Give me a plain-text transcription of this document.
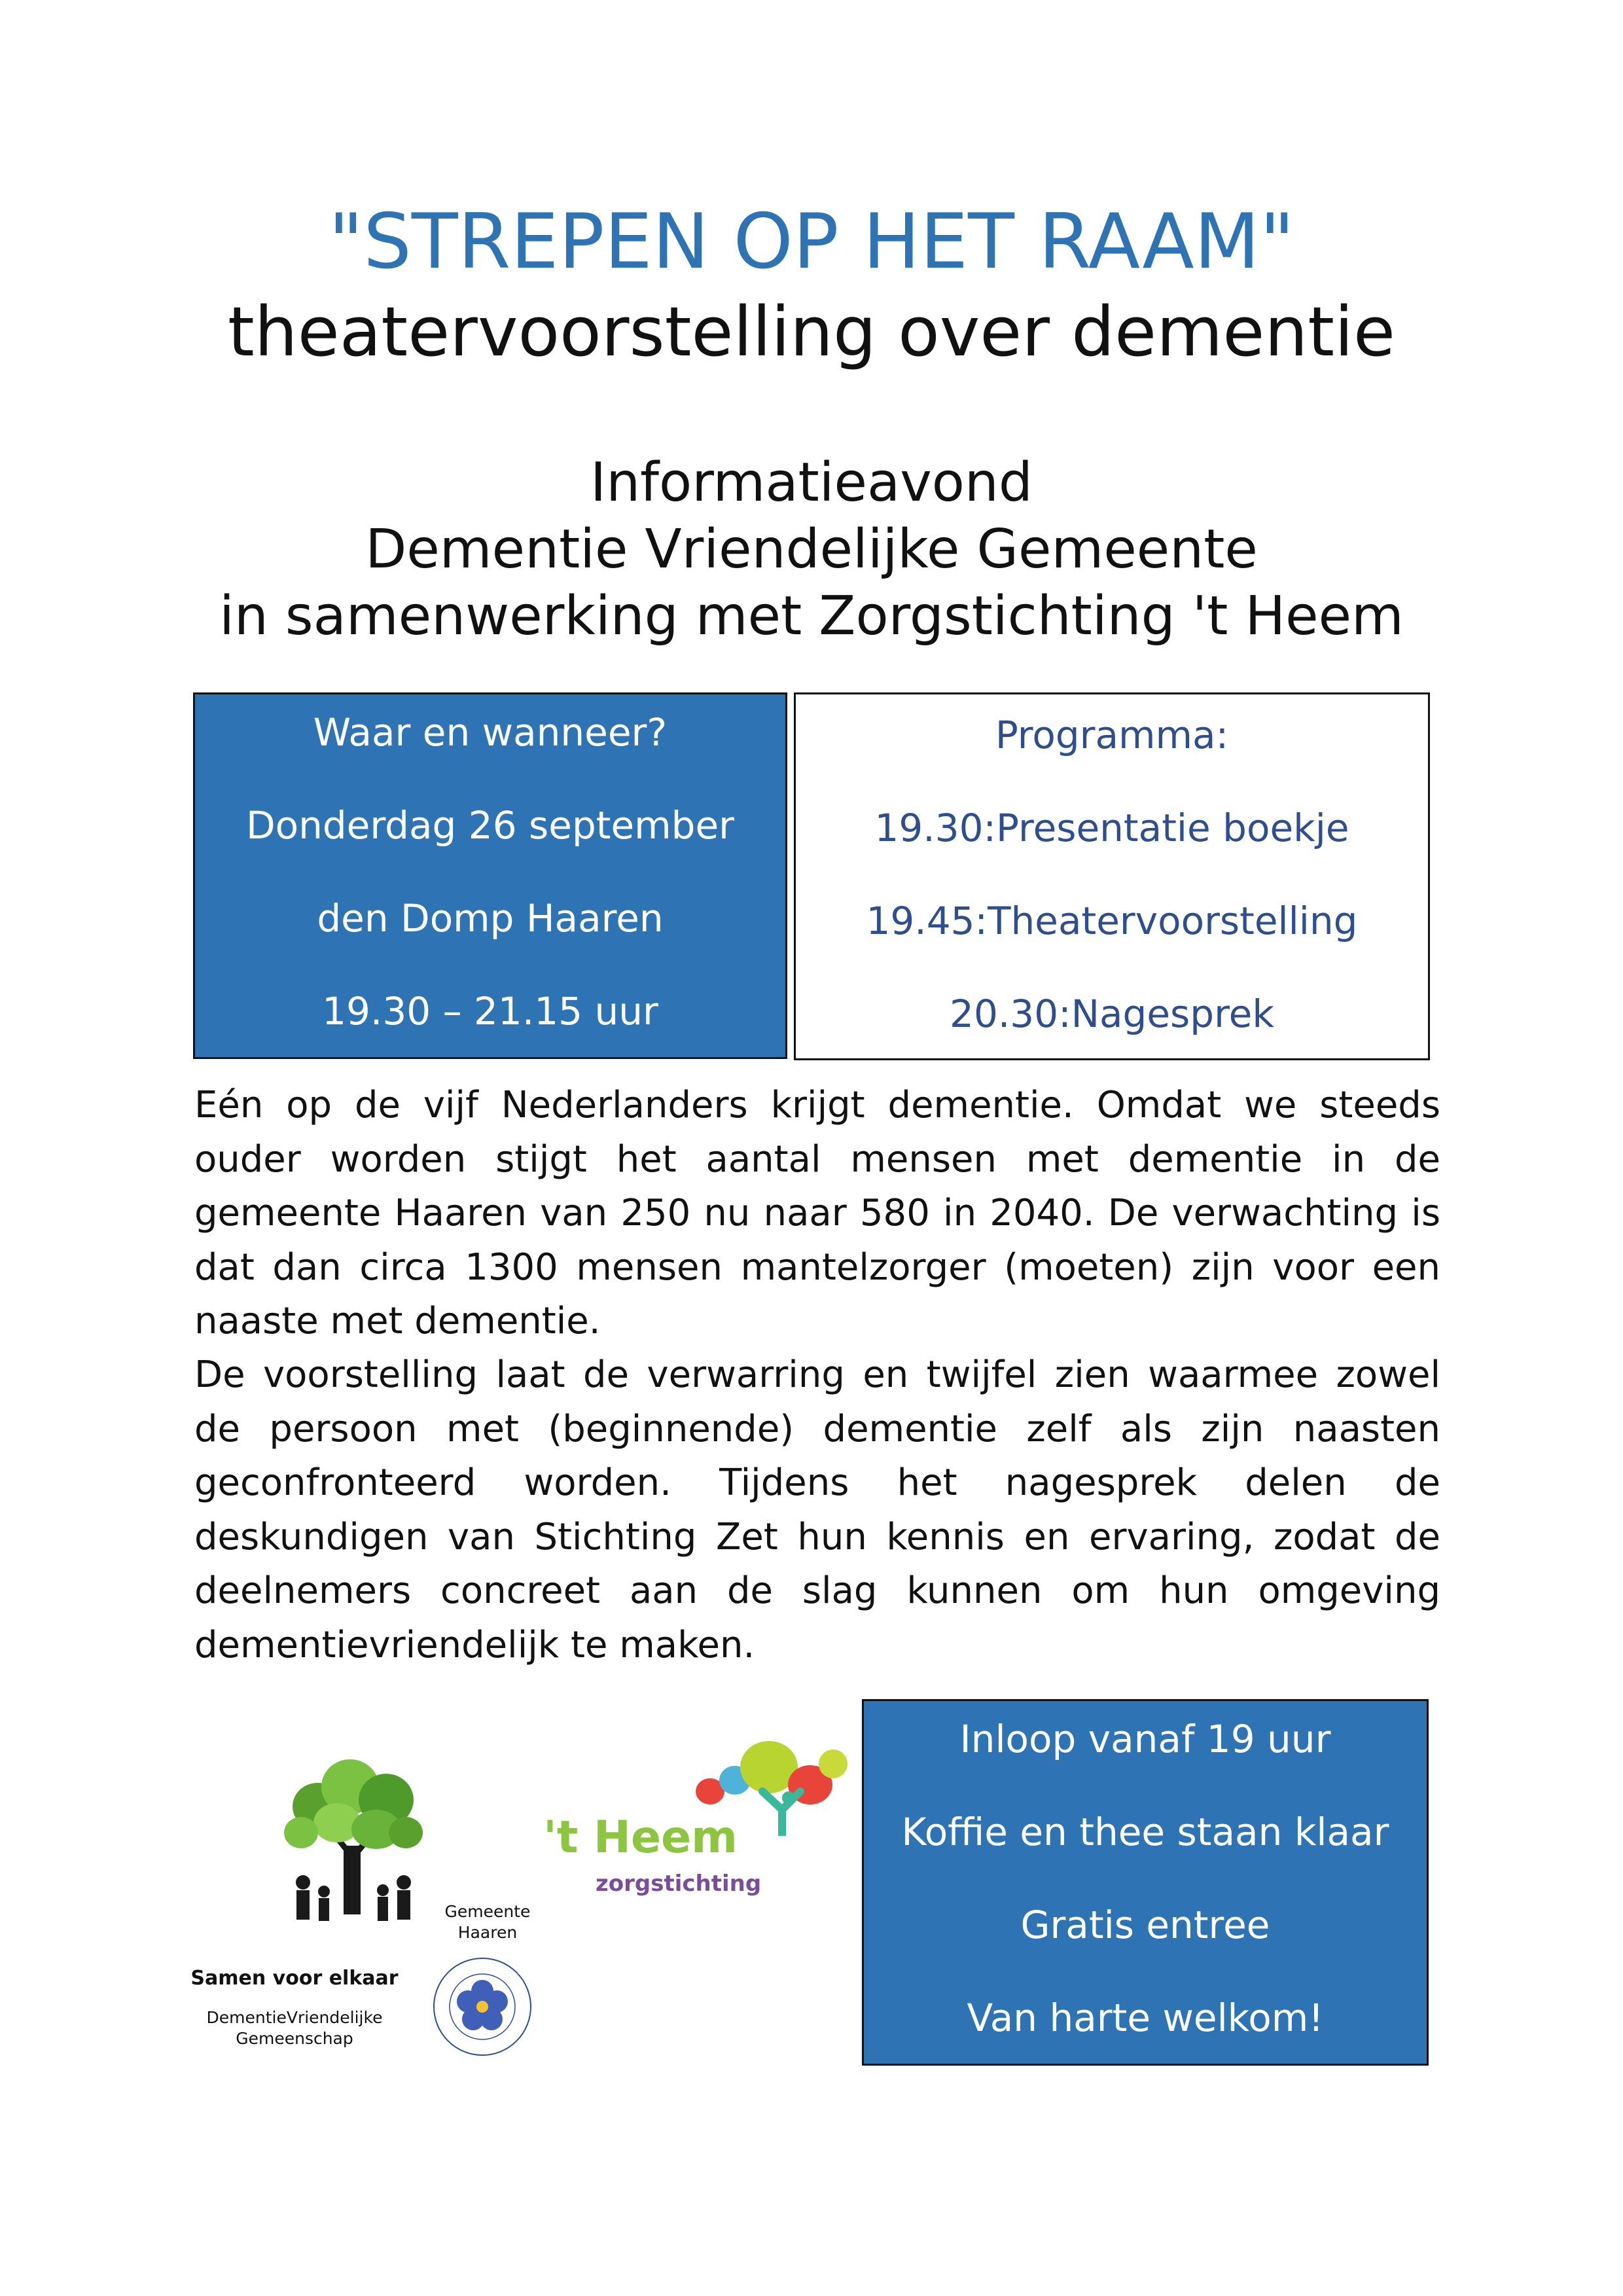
"STREPEN OP HET RAAM"
theatervoorstelling over dementie
Informatieavond
Dementie Vriendelijke Gemeente
in samenwerking met Zorgstichting 't Heem
Waar en wanneer?
Donderdag 26 september
den Domp Haaren
19.30 – 21.15 uur
Programma:
19.30:Presentatie boekje
19.45:Theatervoorstelling
20.30:Nagesprek

Eén op de vijf Nederlanders krijgt dementie. Omdat we steeds ouder worden stijgt het aantal mensen met dementie in de gemeente Haaren van 250 nu naar 580 in 2040. De verwachting is dat dan circa 1300 mensen mantelzorger (moeten) zijn voor een naaste met dementie.

De voorstelling laat de verwarring en twijfel zien waarmee zowel de persoon met (beginnende) dementie zelf als zijn naasten geconfronteerd worden. Tijdens het nagesprek delen de deskundigen van Stichting Zet hun kennis en ervaring, zodat de deelnemers concreet aan de slag kunnen om hun omgeving dementievriendelijk te maken.

Samen voor elkaar
DementieVriendelijke
Gemeenschap
Gemeente
Haaren
't Heem
zorgstichting
Inloop vanaf 19 uur
Koffie en thee staan klaar
Gratis entree
Van harte welkom!
